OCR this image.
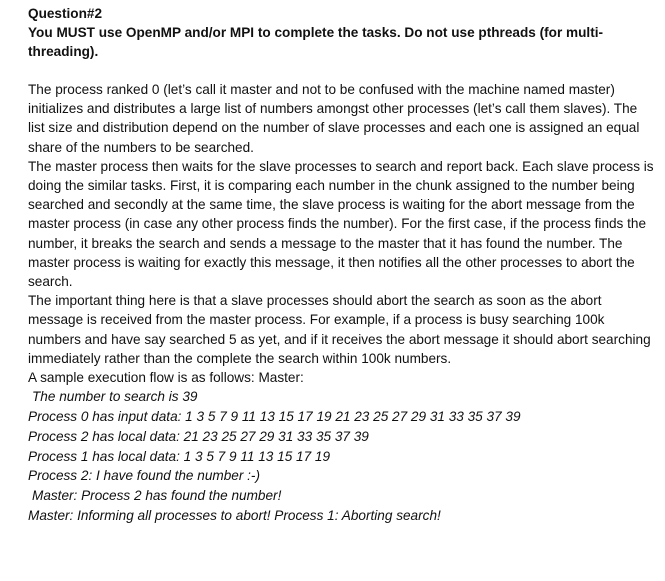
Question#2

You MUST use OpenMP and/or MPI to complete the tasks. Do not use pthreads (for multi-threading).

The process ranked 0 (let’s call it master and not to be confused with the machine named master) initializes and distributes a large list of numbers amongst other processes (let’s call them slaves). The list size and distribution depend on the number of slave processes and each one is assigned an equal share of the numbers to be searched.

The master process then waits for the slave processes to search and report back. Each slave process is doing the similar tasks. First, it is comparing each number in the chunk assigned to the number being searched and secondly at the same time, the slave process is waiting for the abort message from the master process (in case any other process finds the number). For the first case, if the process finds the number, it breaks the search and sends a message to the master that it has found the number. The master process is waiting for exactly this message, it then notifies all the other processes to abort the search.

The important thing here is that a slave processes should abort the search as soon as the abort message is received from the master process. For example, if a process is busy searching 100k numbers and have say searched 5 as yet, and if it receives the abort message it should abort searching immediately rather than the complete the search within 100k numbers.

A sample execution flow is as follows: Master:

The number to search is 39
Process 0 has input data: 1 3 5 7 9 11 13 15 17 19 21 23 25 27 29 31 33 35 37 39
Process 2 has local data: 21 23 25 27 29 31 33 35 37 39
Process 1 has local data: 1 3 5 7 9 11 13 15 17 19
Process 2: I have found the number :-)
Master: Process 2 has found the number!
Master: Informing all processes to abort! Process 1: Aborting search!
